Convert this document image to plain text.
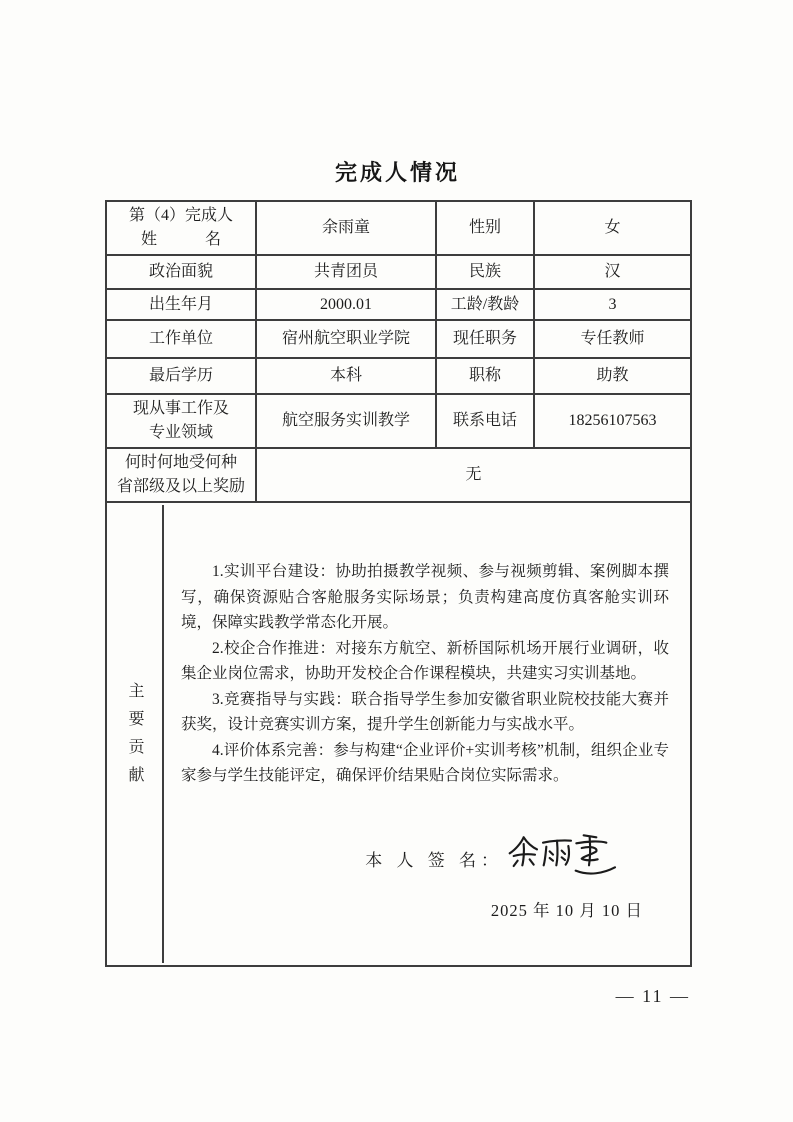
完成人情况
第（4）完成人
姓　　　名	余雨童	性别	女
政治面貌	共青团员	民族	汉
出生年月	2000.01	工龄/教龄	3
工作单位	宿州航空职业学院	现任职务	专任教师
最后学历	本科	职称	助教

现从事工作及
专业领域	航空服务实训教学	联系电话	18256107563

何时何地受何种
省部级及以上奖励	无		

主要贡献

1.实训平台建设：协助拍摄教学视频、参与视频剪辑、案例脚本撰写，确保资源贴合客舱服务实际场景；负责构建高度仿真客舱实训环境，保障实践教学常态化开展。

2.校企合作推进：对接东方航空、新桥国际机场开展行业调研，收集企业岗位需求，协助开发校企合作课程模块，共建实习实训基地。

3.竞赛指导与实践：联合指导学生参加安徽省职业院校技能大赛并获奖，设计竞赛实训方案，提升学生创新能力与实战水平。

4.评价体系完善：参与构建“企业评价+实训考核”机制，组织企业专家参与学生技能评定，确保评价结果贴合岗位实际需求。

本 人 签 名：
2025 年 10 月 10 日
— 11 —
